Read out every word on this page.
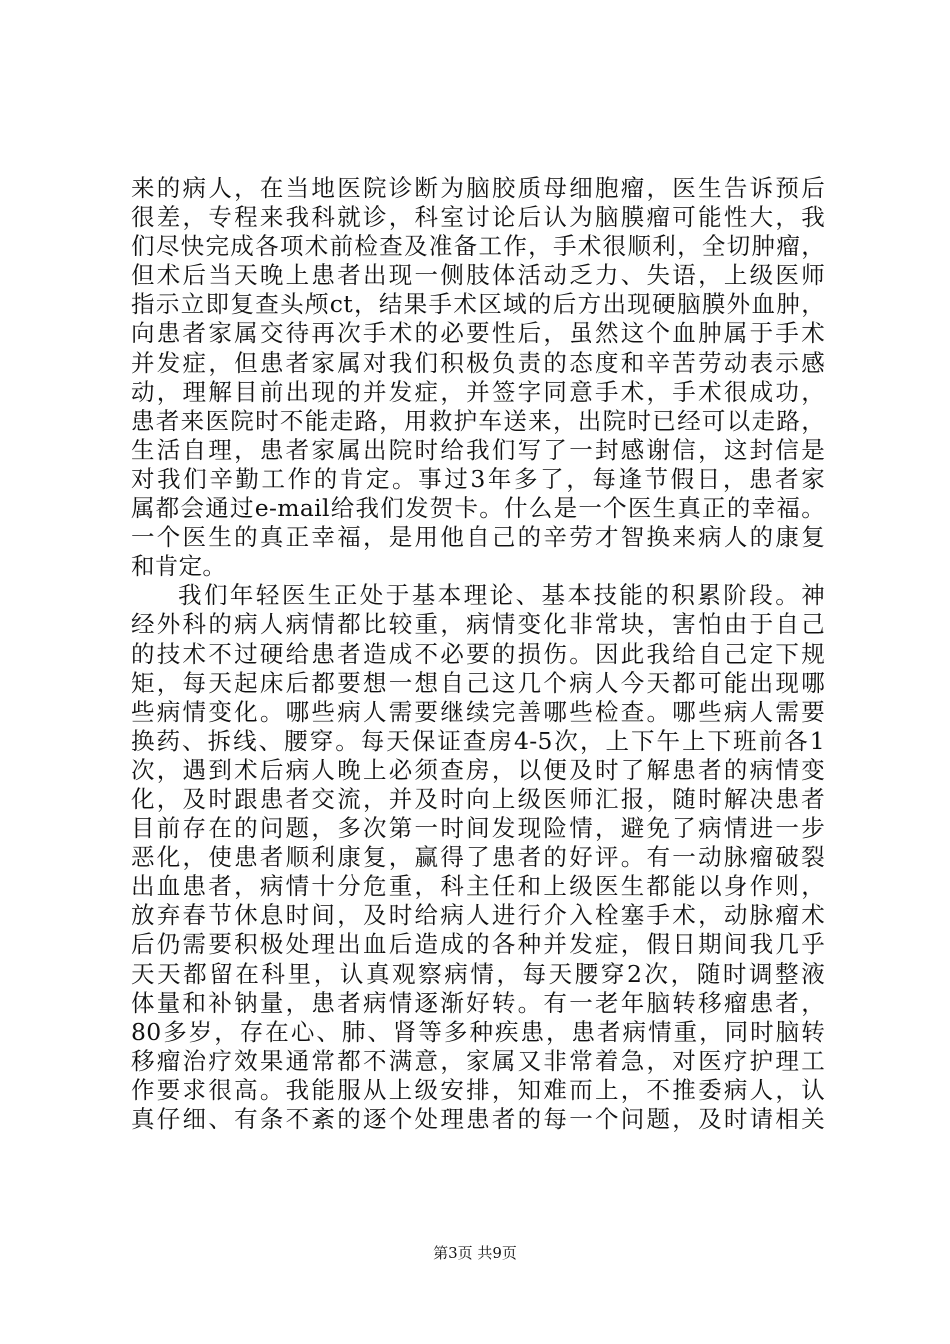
来的病人，在当地医院诊断为脑胶质母细胞瘤，医生告诉预后
很差，专程来我科就诊，科室讨论后认为脑膜瘤可能性大，我
们尽快完成各项术前检查及准备工作，手术很顺利，全切肿瘤，
但术后当天晚上患者出现一侧肢体活动乏力、失语，上级医师
指示立即复查头颅ct，结果手术区域的后方出现硬脑膜外血肿，
向患者家属交待再次手术的必要性后，虽然这个血肿属于手术
并发症，但患者家属对我们积极负责的态度和辛苦劳动表示感
动，理解目前出现的并发症，并签字同意手术，手术很成功，
患者来医院时不能走路，用救护车送来，出院时已经可以走路，
生活自理，患者家属出院时给我们写了一封感谢信，这封信是
对我们辛勤工作的肯定。事过3年多了，每逢节假日，患者家
属都会通过e-mail给我们发贺卡。什么是一个医生真正的幸福。
一个医生的真正幸福，是用他自己的辛劳才智换来病人的康复
和肯定。
我们年轻医生正处于基本理论、基本技能的积累阶段。神
经外科的病人病情都比较重，病情变化非常块，害怕由于自己
的技术不过硬给患者造成不必要的损伤。因此我给自己定下规
矩，每天起床后都要想一想自己这几个病人今天都可能出现哪
些病情变化。哪些病人需要继续完善哪些检查。哪些病人需要
换药、拆线、腰穿。每天保证查房4-5次，上下午上下班前各1
次，遇到术后病人晚上必须查房，以便及时了解患者的病情变
化，及时跟患者交流，并及时向上级医师汇报，随时解决患者
目前存在的问题，多次第一时间发现险情，避免了病情进一步
恶化，使患者顺利康复，赢得了患者的好评。有一动脉瘤破裂
出血患者，病情十分危重，科主任和上级医生都能以身作则，
放弃春节休息时间，及时给病人进行介入栓塞手术，动脉瘤术
后仍需要积极处理出血后造成的各种并发症，假日期间我几乎
天天都留在科里，认真观察病情，每天腰穿2次，随时调整液
体量和补钠量，患者病情逐渐好转。有一老年脑转移瘤患者，
80多岁，存在心、肺、肾等多种疾患，患者病情重，同时脑转
移瘤治疗效果通常都不满意，家属又非常着急，对医疗护理工
作要求很高。我能服从上级安排，知难而上，不推委病人，认
真仔细、有条不紊的逐个处理患者的每一个问题，及时请相关
第3页 共9页
